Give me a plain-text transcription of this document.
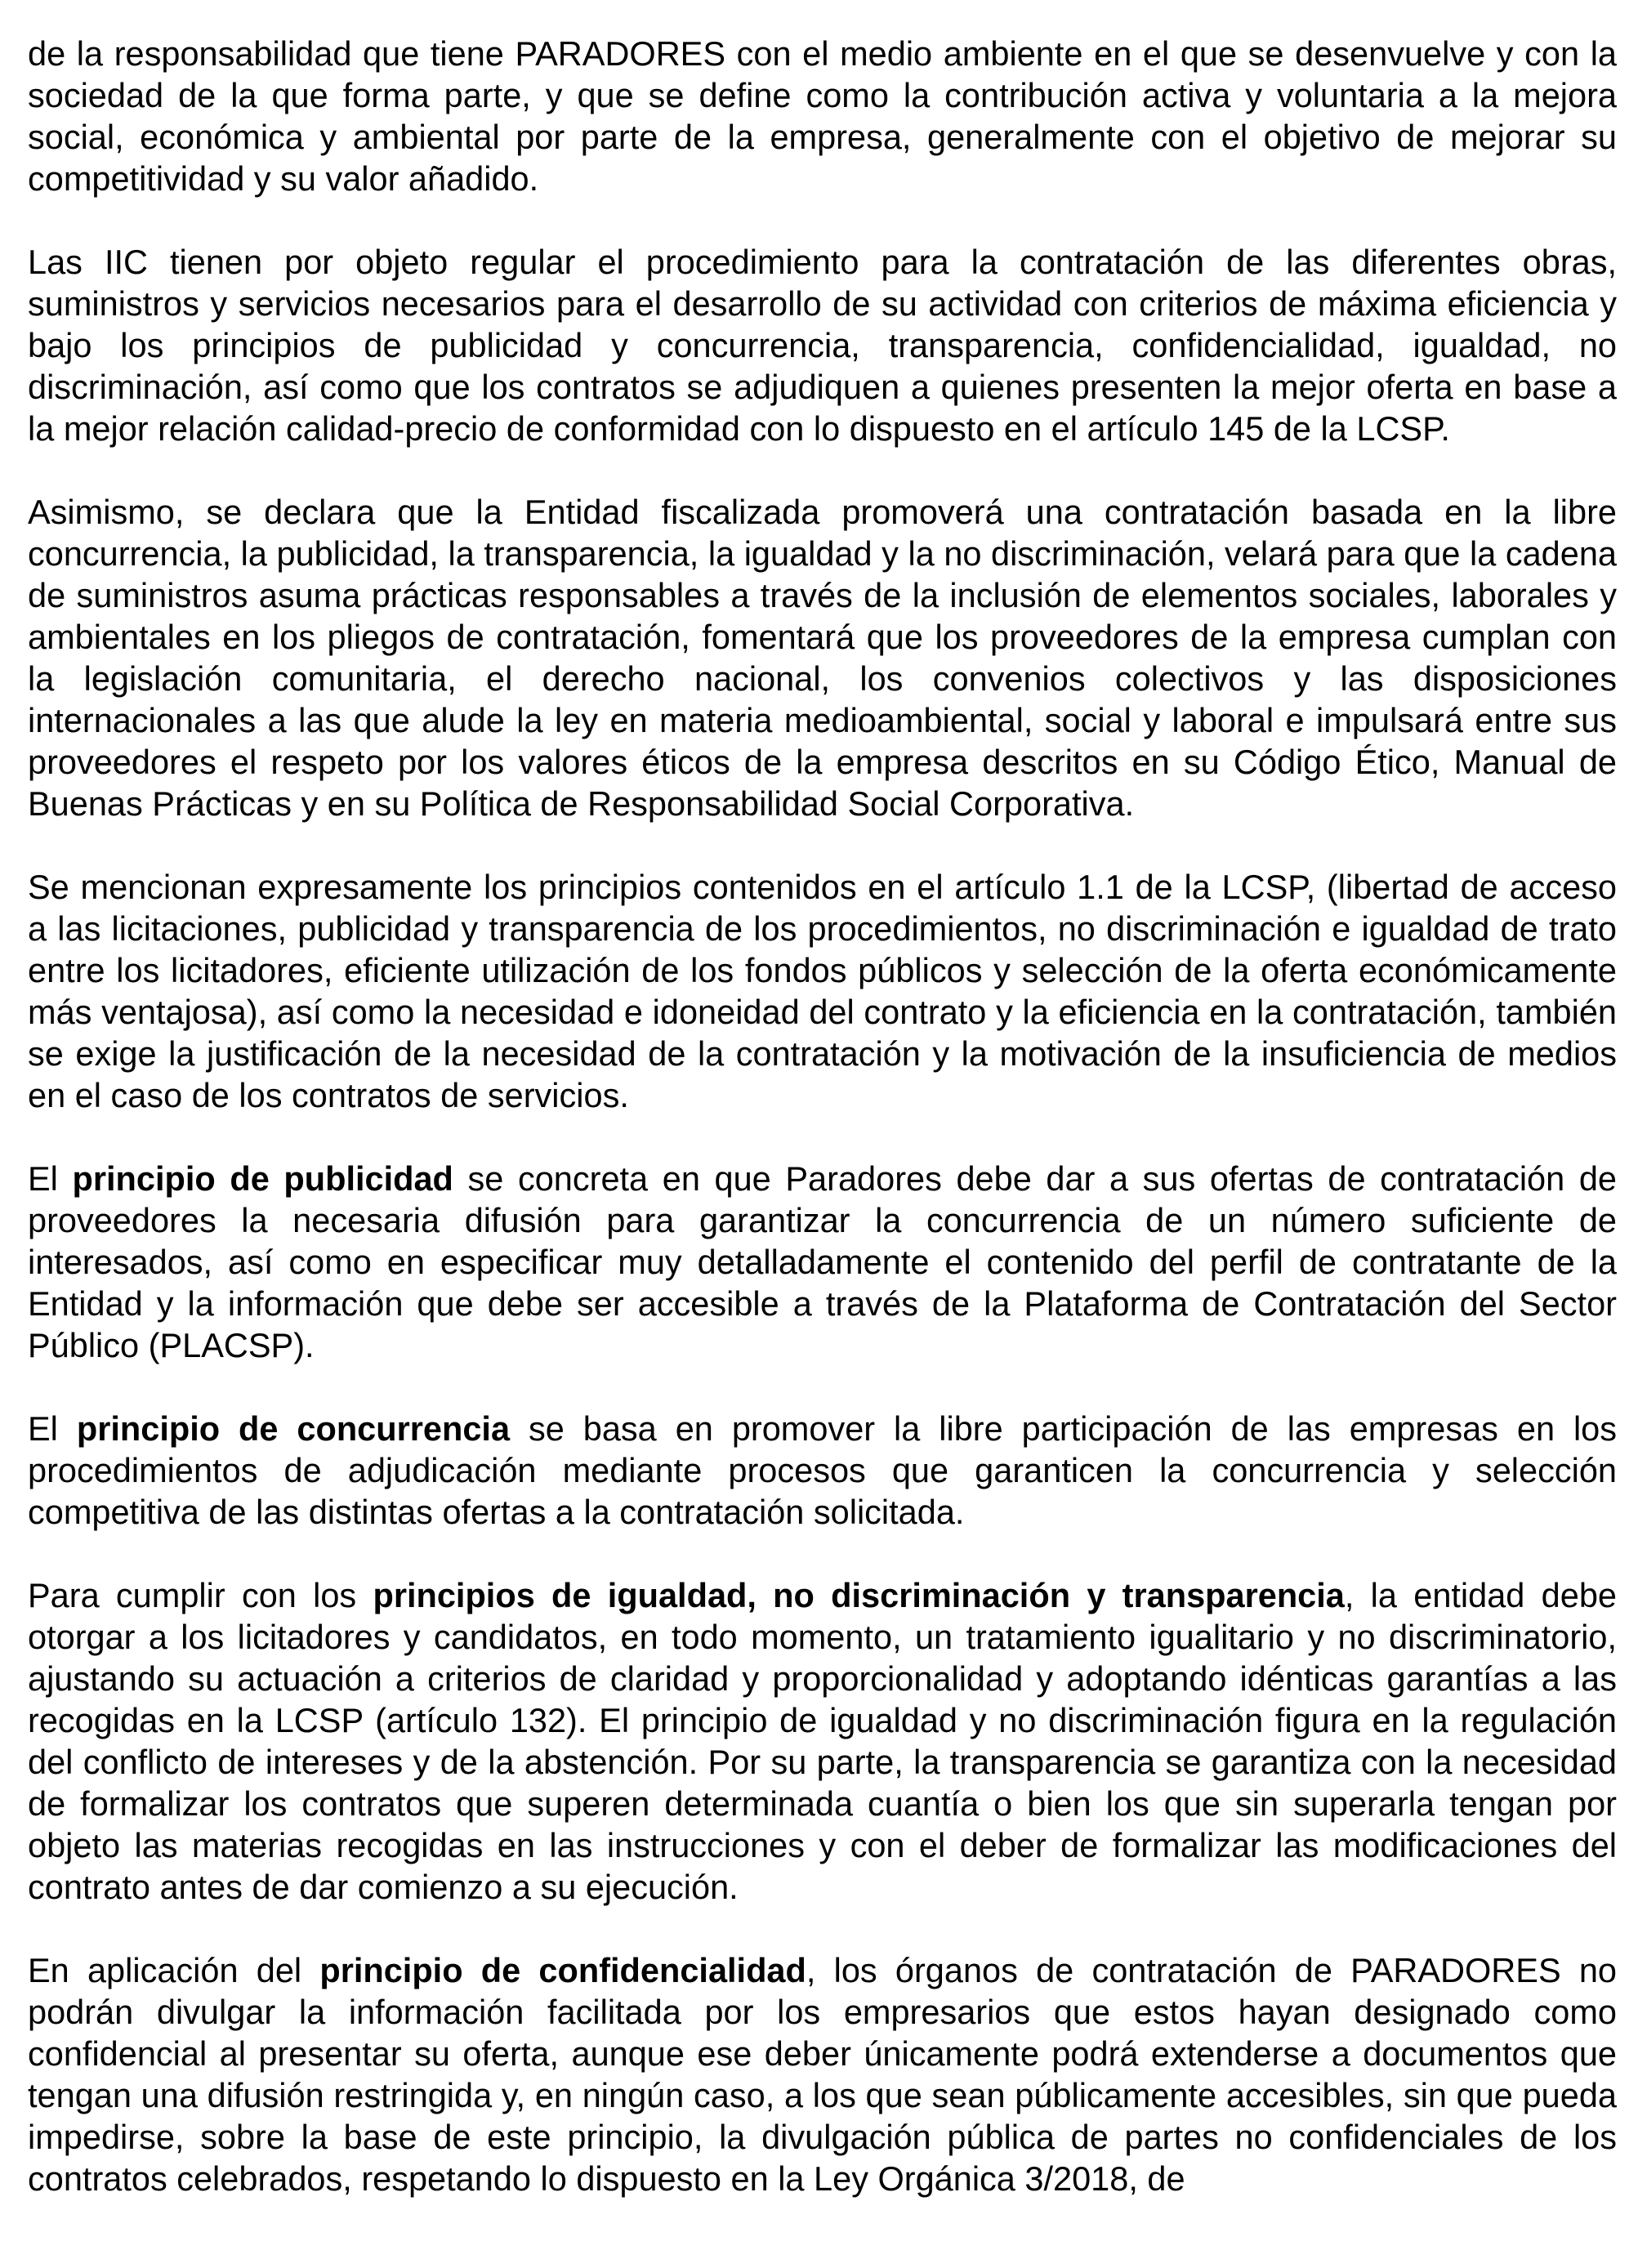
de la responsabilidad que tiene PARADORES con el medio ambiente en el que se desenvuelve y con la sociedad de la que forma parte, y que se define como la contribución activa y voluntaria a la mejora social, económica y ambiental por parte de la empresa, generalmente con el objetivo de mejorar su competitividad y su valor añadido.

Las IIC tienen por objeto regular el procedimiento para la contratación de las diferentes obras, suministros y servicios necesarios para el desarrollo de su actividad con criterios de máxima eficiencia y bajo los principios de publicidad y concurrencia, transparencia, confidencialidad, igualdad, no discriminación, así como que los contratos se adjudiquen a quienes presenten la mejor oferta en base a la mejor relación calidad-precio de conformidad con lo dispuesto en el artículo 145 de la LCSP.

Asimismo, se declara que la Entidad fiscalizada promoverá una contratación basada en la libre concurrencia, la publicidad, la transparencia, la igualdad y la no discriminación, velará para que la cadena de suministros asuma prácticas responsables a través de la inclusión de elementos sociales, laborales y ambientales en los pliegos de contratación, fomentará que los proveedores de la empresa cumplan con la legislación comunitaria, el derecho nacional, los convenios colectivos y las disposiciones internacionales a las que alude la ley en materia medioambiental, social y laboral e impulsará entre sus proveedores el respeto por los valores éticos de la empresa descritos en su Código Ético, Manual de Buenas Prácticas y en su Política de Responsabilidad Social Corporativa.

Se mencionan expresamente los principios contenidos en el artículo 1.1 de la LCSP, (libertad de acceso a las licitaciones, publicidad y transparencia de los procedimientos, no discriminación e igualdad de trato entre los licitadores, eficiente utilización de los fondos públicos y selección de la oferta económicamente más ventajosa), así como la necesidad e idoneidad del contrato y la eficiencia en la contratación, también se exige la justificación de la necesidad de la contratación y la motivación de la insuficiencia de medios en el caso de los contratos de servicios.

El principio de publicidad se concreta en que Paradores debe dar a sus ofertas de contratación de proveedores la necesaria difusión para garantizar la concurrencia de un número suficiente de interesados, así como en especificar muy detalladamente el contenido del perfil de contratante de la Entidad y la información que debe ser accesible a través de la Plataforma de Contratación del Sector Público (PLACSP).

El principio de concurrencia se basa en promover la libre participación de las empresas en los procedimientos de adjudicación mediante procesos que garanticen la concurrencia y selección competitiva de las distintas ofertas a la contratación solicitada.

Para cumplir con los principios de igualdad, no discriminación y transparencia, la entidad debe otorgar a los licitadores y candidatos, en todo momento, un tratamiento igualitario y no discriminatorio, ajustando su actuación a criterios de claridad y proporcionalidad y adoptando idénticas garantías a las recogidas en la LCSP (artículo 132). El principio de igualdad y no discriminación figura en la regulación del conflicto de intereses y de la abstención. Por su parte, la transparencia se garantiza con la necesidad de formalizar los contratos que superen determinada cuantía o bien los que sin superarla tengan por objeto las materias recogidas en las instrucciones y con el deber de formalizar las modificaciones del contrato antes de dar comienzo a su ejecución.

En aplicación del principio de confidencialidad, los órganos de contratación de PARADORES no podrán divulgar la información facilitada por los empresarios que estos hayan designado como confidencial al presentar su oferta, aunque ese deber únicamente podrá extenderse a documentos que tengan una difusión restringida y, en ningún caso, a los que sean públicamente accesibles, sin que pueda impedirse, sobre la base de este principio, la divulgación pública de partes no confidenciales de los contratos celebrados, respetando lo dispuesto en la Ley Orgánica 3/2018, de
